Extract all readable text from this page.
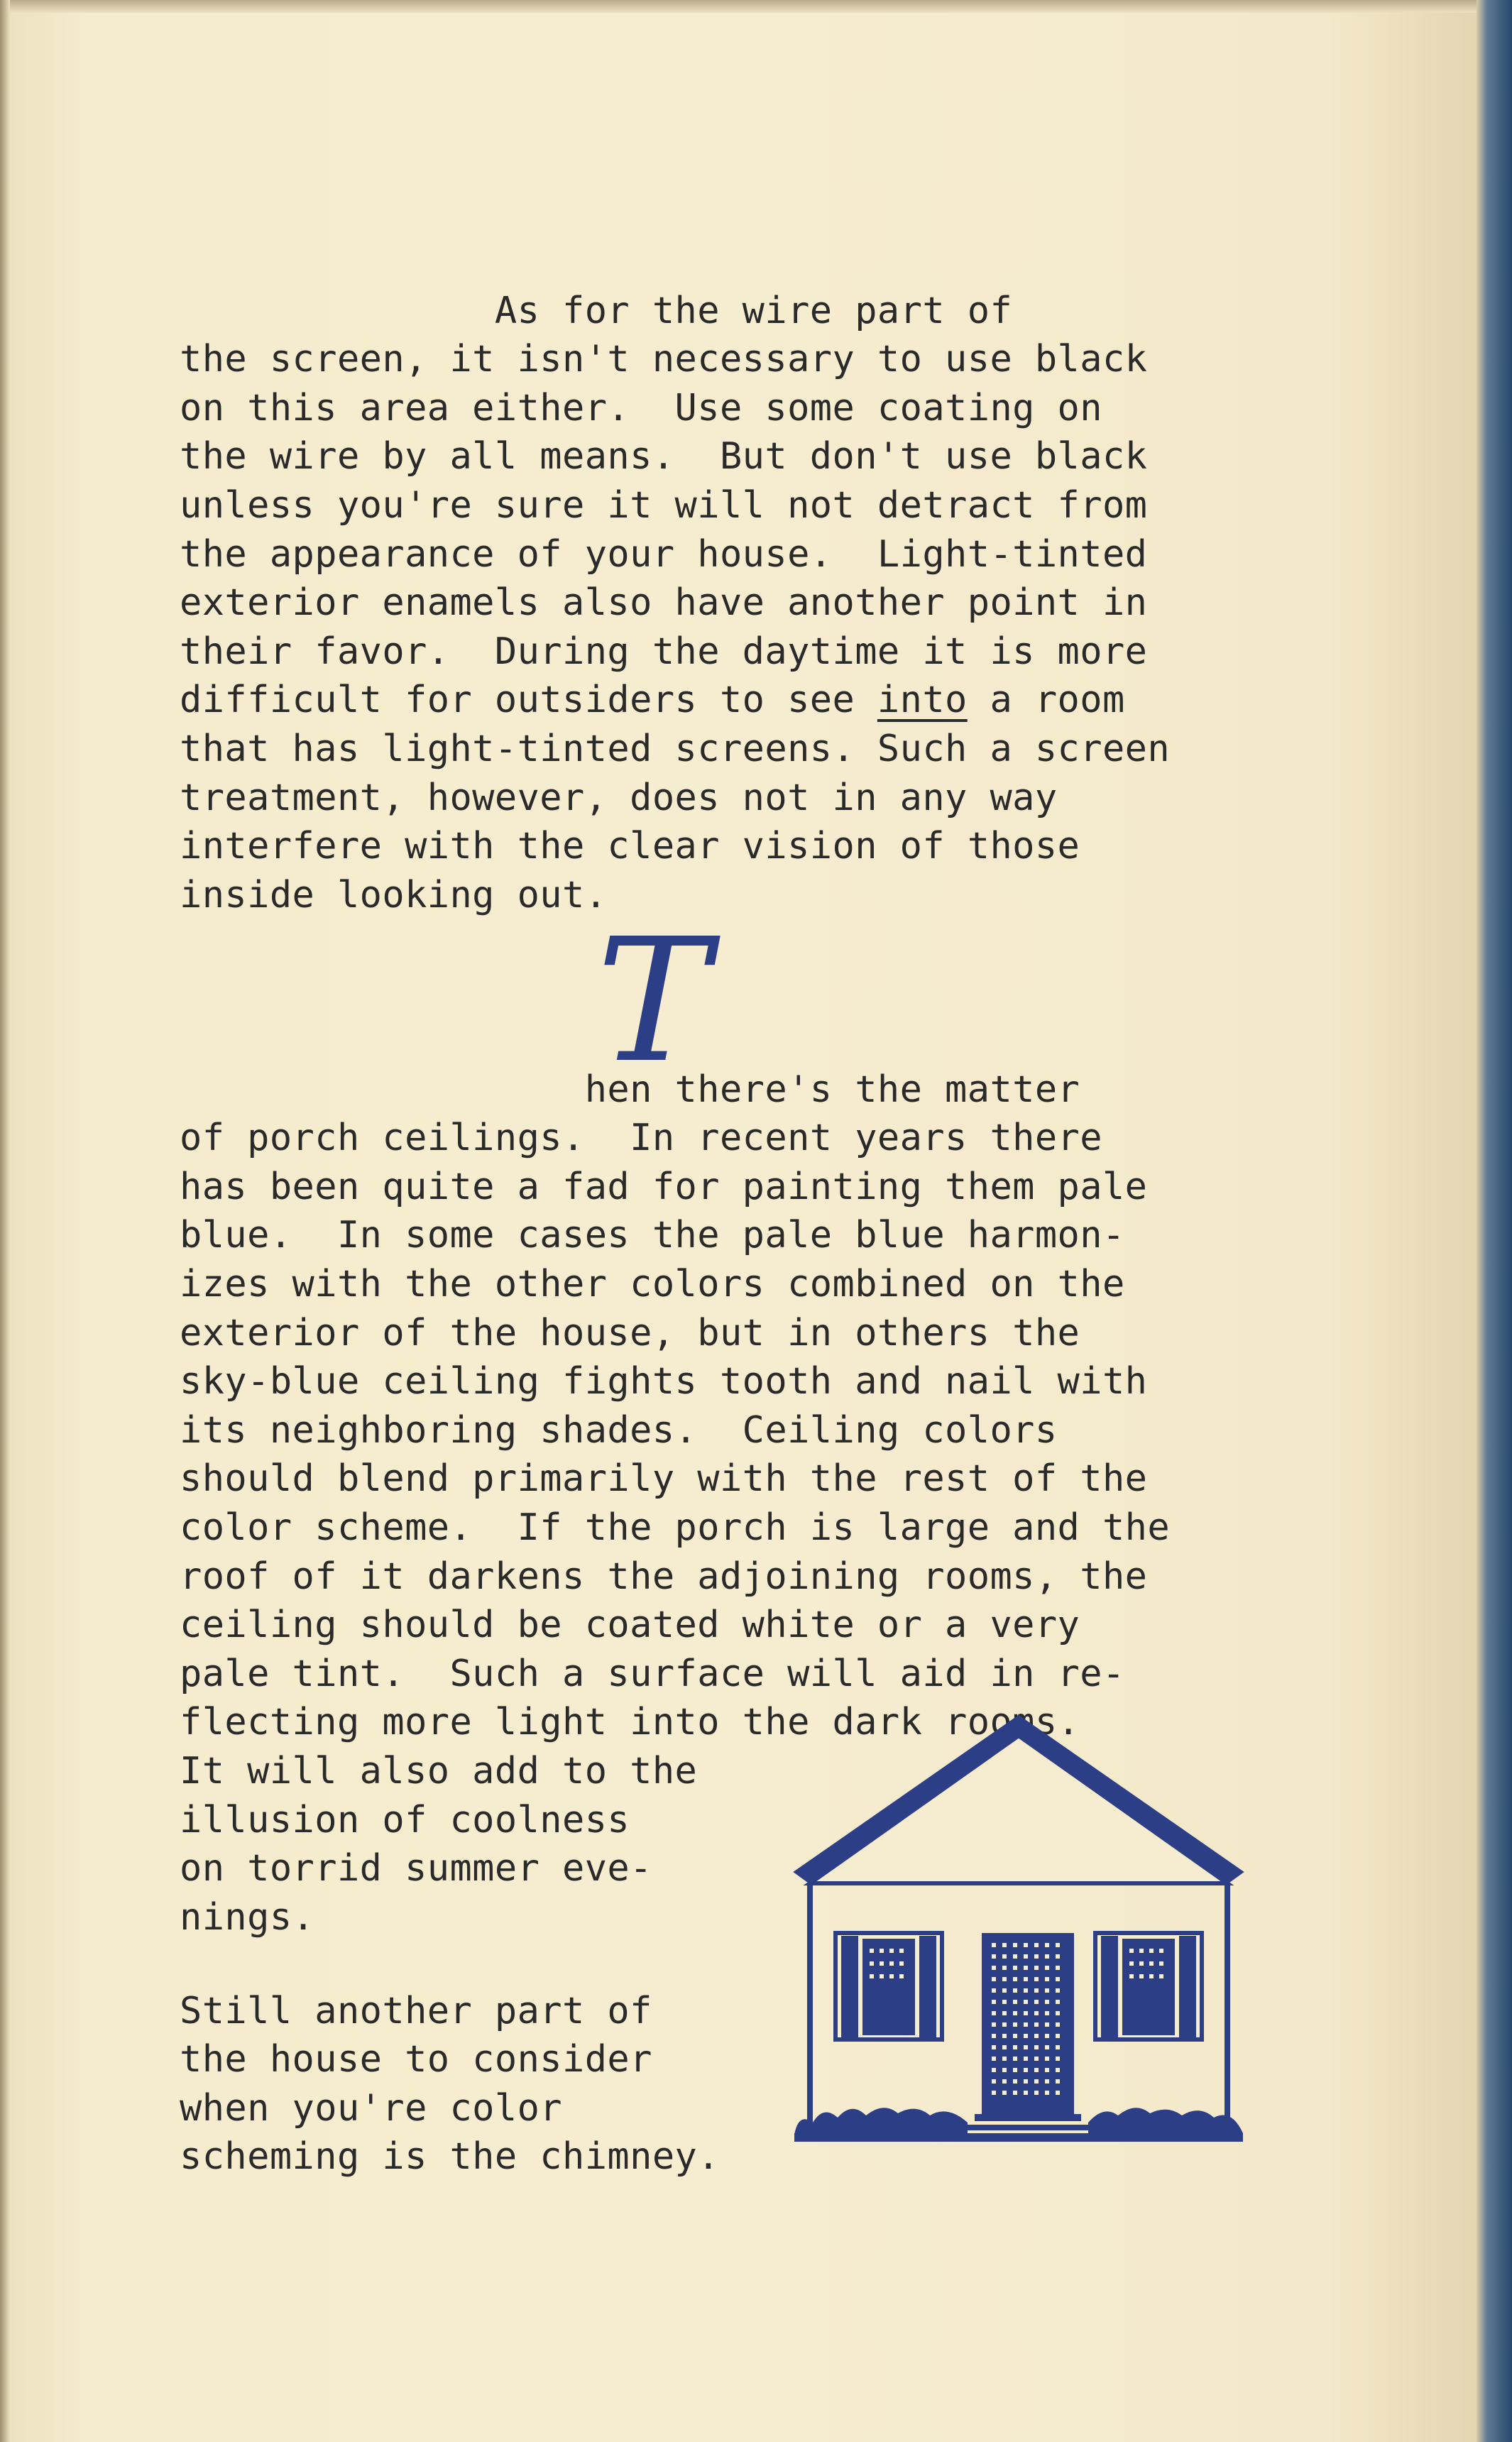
As for the wire part of
the screen, it isn't necessary to use black
on this area either.  Use some coating on
the wire by all means.  But don't use black
unless you're sure it will not detract from
the appearance of your house.  Light-tinted
exterior enamels also have another point in
their favor.  During the daytime it is more
difficult for outsiders to see into a room
that has light-tinted screens. Such a screen
treatment, however, does not in any way
interfere with the clear vision of those
inside looking out.
T

hen there's the matter
of porch ceilings.  In recent years there
has been quite a fad for painting them pale
blue.  In some cases the pale blue harmon-
izes with the other colors combined on the
exterior of the house, but in others the
sky-blue ceiling fights tooth and nail with
its neighboring shades.  Ceiling colors
should blend primarily with the rest of the
color scheme.  If the porch is large and the
roof of it darkens the adjoining rooms, the
ceiling should be coated white or a very
pale tint.  Such a surface will aid in re-
flecting more light into the dark rooms.
It will also add to the
illusion of coolness
on torrid summer eve-
nings.

Still another part of
the house to consider
when you're color
scheming is the chimney.
